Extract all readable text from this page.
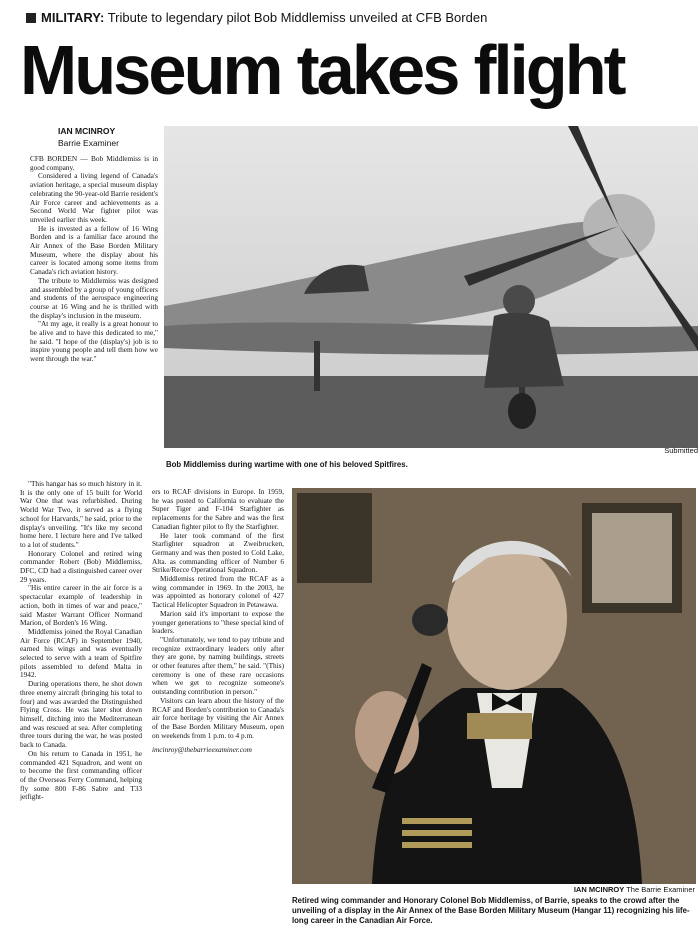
MILITARY: Tribute to legendary pilot Bob Middlemiss unveiled at CFB Borden
Museum takes flight
IAN MCINROY
Barrie Examiner

CFB BORDEN — Bob Middlemiss is in good company.

Considered a living legend of Canada's aviation heritage, a special museum display celebrating the 90-year-old Barrie resident's Air Force career and achievements as a Second World War fighter pilot was unveiled earlier this week.

He is invested as a fellow of 16 Wing Borden and is a familiar face around the Air Annex of the Base Borden Military Museum, where the display about his career is located among some items from Canada's rich aviation history.

The tribute to Middlemiss was designed and assembled by a group of young officers and students of the aerospace engineering course at 16 Wing and he is thrilled with the display's inclusion in the museum.

"At my age, it really is a great honour to be alive and to have this dedicated to me," he said. "I hope of the (display's) job is to inspire young people and tell them how we went through the war."

Submitted
Bob Middlemiss during wartime with one of his beloved Spitfires.

"This hangar has so much history in it. It is the only one of 15 built for World War One that was refurbished. During World War Two, it served as a flying school for Harvards," he said, prior to the display's unveiling. "It's like my second home here. I lecture here and I've talked to a lot of students."

Honorary Colonel and retired wing commander Robert (Bob) Middlemiss, DFC, CD had a distinguished career over 29 years.

"His entire career in the air force is a spectacular example of leadership in action, both in times of war and peace," said Master Warrant Officer Normand Marion, of Borden's 16 Wing.

Middlemiss joined the Royal Canadian Air Force (RCAF) in September 1940, earned his wings and was eventually selected to serve with a team of Spitfire pilots assembled to defend Malta in 1942.

During operations there, he shot down three enemy aircraft (bringing his total to four) and was awarded the Distinguished Flying Cross. He was later shot down himself, ditching into the Mediterranean and was rescued at sea. After completing three tours during the war, he was posted back to Canada.

On his return to Canada in 1951, he commanded 421 Squadron, and went on to become the first commanding officer of the Overseas Ferry Command, helping fly some 800 F-86 Sabre and T33 jetfight-

ers to RCAF divisions in Europe. In 1959, he was posted to California to evaluate the Super Tiger and F-104 Starfighter as replacements for the Sabre and was the first Canadian fighter pilot to fly the Starfighter.

He later took command of the first Starfighter squadron at Zweibrucken, Germany and was then posted to Cold Lake, Alta. as commanding officer of Number 6 Strike/Recce Operational Squadron.

Middlemiss retired from the RCAF as a wing commander in 1969. In the 2003, he was appointed as honorary colonel of 427 Tactical Helicopter Squadron in Petawawa.

Marion said it's important to expose the younger generations to "these special kind of leaders.

"Unfortunately, we tend to pay tribute and recognize extraordinary leaders only after they are gone, by naming buildings, streets or other features after them," he said. "(This) ceremony is one of these rare occasions when we get to recognize someone's outstanding contribution in person."

Visitors can learn about the history of the RCAF and Borden's contribution to Canada's air force heritage by visiting the Air Annex of the Base Borden Military Museum, open on weekends from 1 p.m. to 4 p.m.

imcinroy@thebarrieexaminer.com

IAN MCINROY The Barrie Examiner
Retired wing commander and Honorary Colonel Bob Middlemiss, of Barrie, speaks to the crowd after the unveiling of a display in the Air Annex of the Base Borden Military Museum (Hangar 11) recognizing his life-long career in the Canadian Air Force.
